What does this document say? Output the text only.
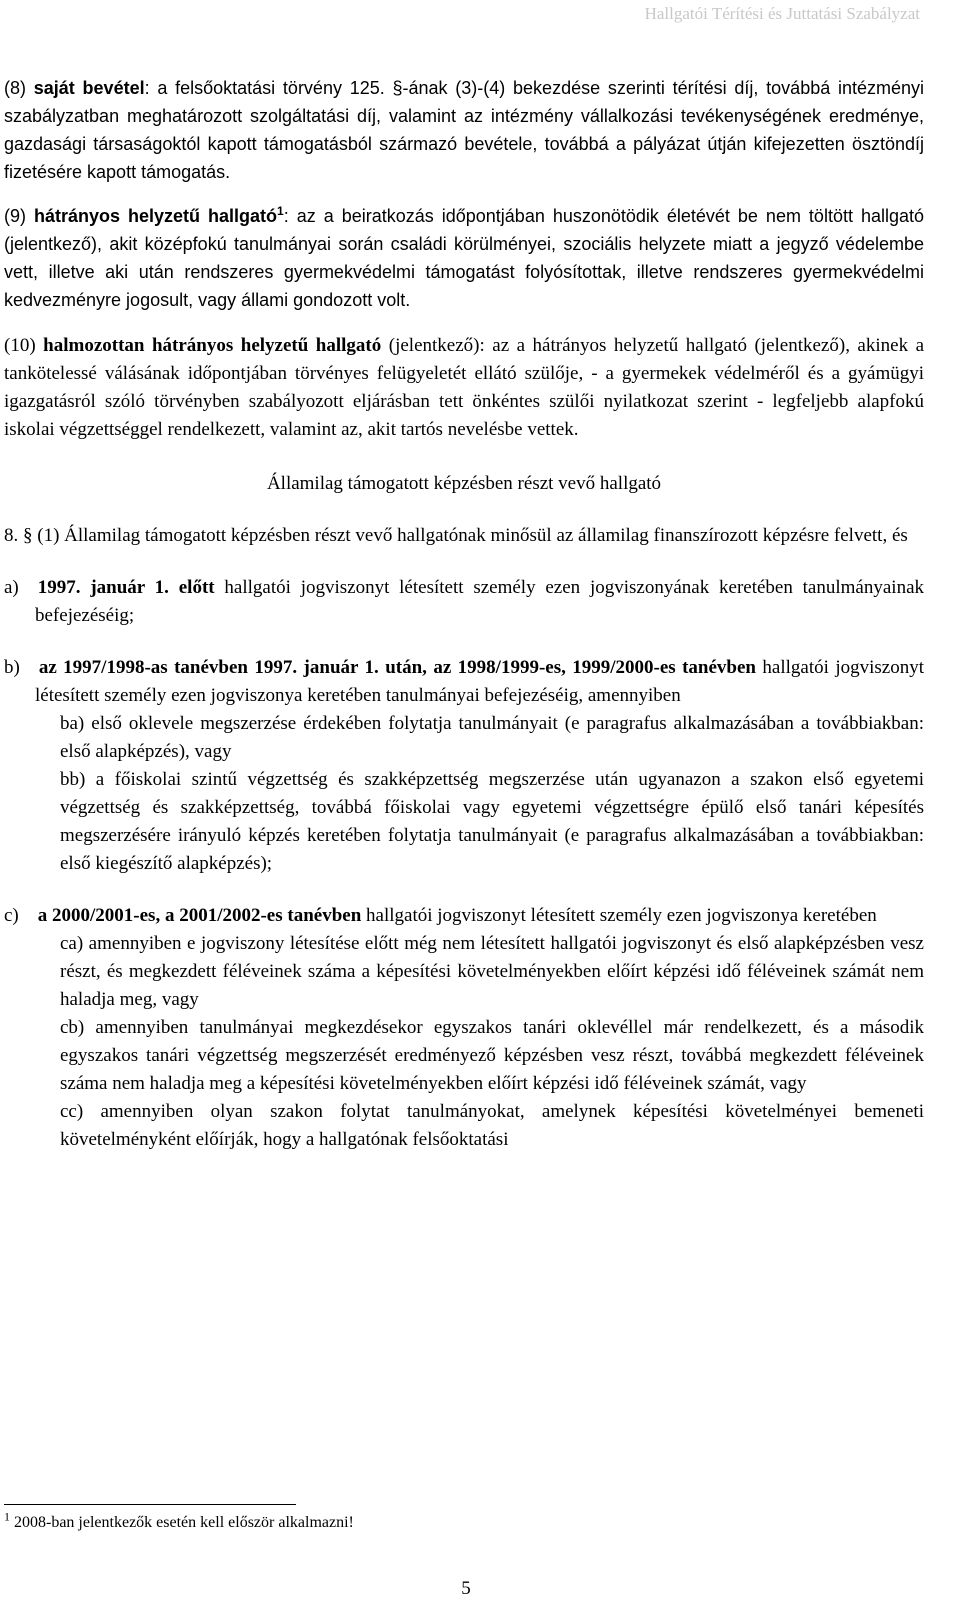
Hallgatói Térítési és Juttatási Szabályzat

(8) saját bevétel: a felsőoktatási törvény 125. §-ának (3)-(4) bekezdése szerinti térítési díj, továbbá intézményi szabályzatban meghatározott szolgáltatási díj, valamint az intézmény vállalkozási tevékenységének eredménye, gazdasági társaságoktól kapott támogatásból származó bevétele, továbbá a pályázat útján kifejezetten ösztöndíj fizetésére kapott támogatás.

(9) hátrányos helyzetű hallgató$^1$: az a beiratkozás időpontjában huszonötödik életévét be nem töltött hallgató (jelentkező), akit középfokú tanulmányai során családi körülményei, szociális helyzete miatt a jegyző védelembe vett, illetve aki után rendszeres gyermekvédelmi támogatást folyósítottak, illetve rendszeres gyermekvédelmi kedvezményre jogosult, vagy állami gondozott volt.

(10) halmozottan hátrányos helyzetű hallgató (jelentkező): az a hátrányos helyzetű hallgató (jelentkező), akinek a tankötelessé válásának időpontjában törvényes felügyeletét ellátó szülője, - a gyermekek védelméről és a gyámügyi igazgatásról szóló törvényben szabályozott eljárásban tett önkéntes szülői nyilatkozat szerint - legfeljebb alapfokú iskolai végzettséggel rendelkezett, valamint az, akit tartós nevelésbe vettek.

Államilag támogatott képzésben részt vevő hallgató

8. § (1) Államilag támogatott képzésben részt vevő hallgatónak minősül az államilag finanszírozott képzésre felvett, és

a) 1997. január 1. előtt hallgatói jogviszonyt létesített személy ezen jogviszonyának keretében tanulmányainak befejezéséig;

b) az 1997/1998-as tanévben 1997. január 1. után, az 1998/1999-es, 1999/2000-es tanévben hallgatói jogviszonyt létesített személy ezen jogviszonya keretében tanulmányai befejezéséig, amennyiben

ba) első oklevele megszerzése érdekében folytatja tanulmányait (e paragrafus alkalmazásában a továbbiakban: első alapképzés), vagy

bb) a főiskolai szintű végzettség és szakképzettség megszerzése után ugyanazon a szakon első egyetemi végzettség és szakképzettség, továbbá főiskolai vagy egyetemi végzettségre épülő első tanári képesítés megszerzésére irányuló képzés keretében folytatja tanulmányait (e paragrafus alkalmazásában a továbbiakban: első kiegészítő alapképzés);

c) a 2000/2001-es, a 2001/2002-es tanévben hallgatói jogviszonyt létesített személy ezen jogviszonya keretében

ca) amennyiben e jogviszony létesítése előtt még nem létesített hallgatói jogviszonyt és első alapképzésben vesz részt, és megkezdett féléveinek száma a képesítési követelményekben előírt képzési idő féléveinek számát nem haladja meg, vagy

cb) amennyiben tanulmányai megkezdésekor egyszakos tanári oklevéllel már rendelkezett, és a második egyszakos tanári végzettség megszerzését eredményező képzésben vesz részt, továbbá megkezdett féléveinek száma nem haladja meg a képesítési követelményekben előírt képzési idő féléveinek számát, vagy

cc) amennyiben olyan szakon folytat tanulmányokat, amelynek képesítési követelményei bemeneti követelményként előírják, hogy a hallgatónak felsőoktatási

$^1$ 2008-ban jelentkezők esetén kell először alkalmazni!
5
